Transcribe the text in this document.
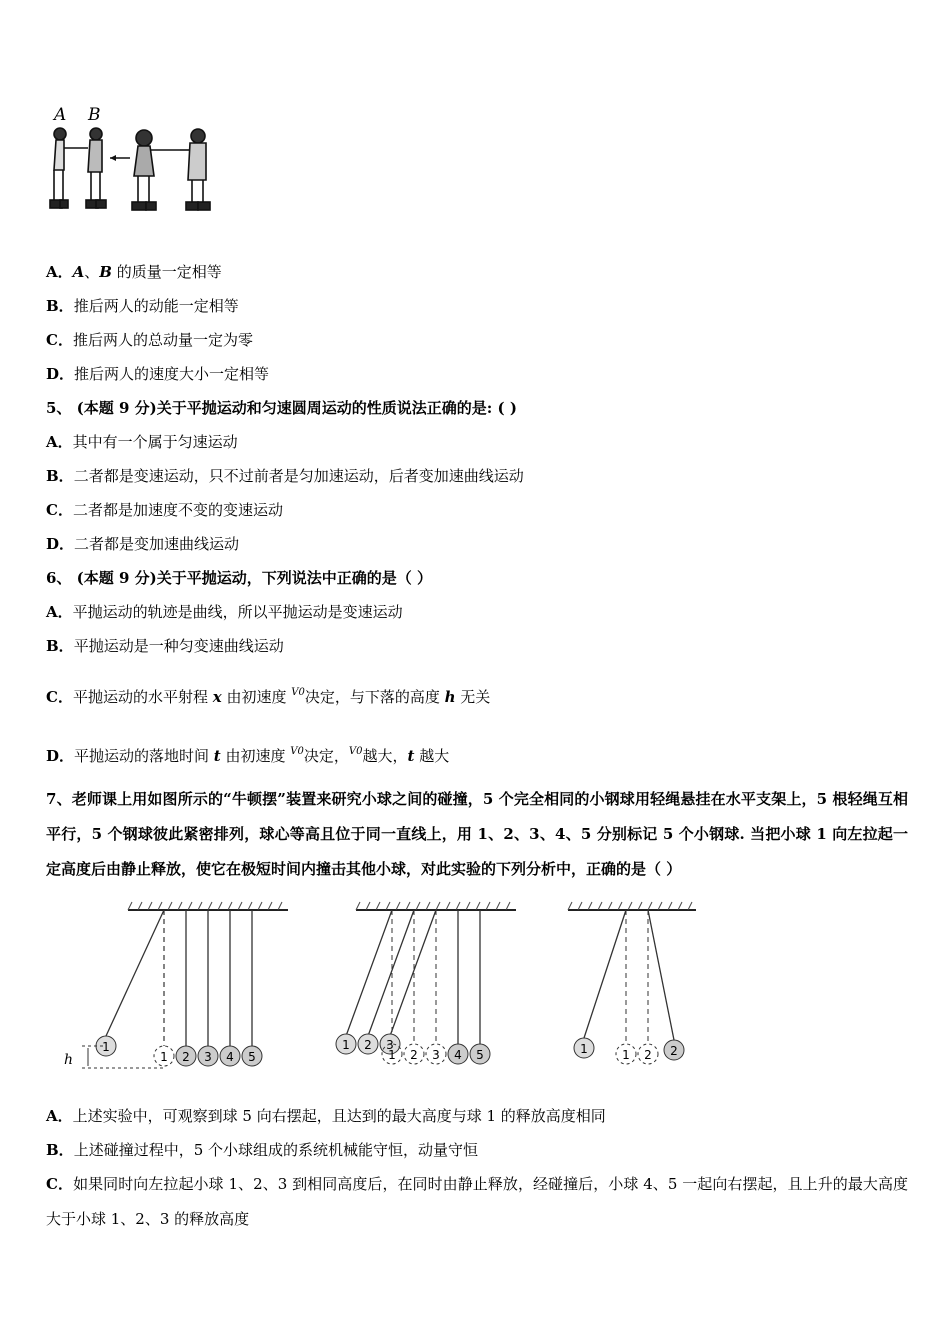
A B
A．A、B 的质量一定相等
B．推后两人的动能一定相等
C．推后两人的总动量一定为零
D．推后两人的速度大小一定相等
5、 (本题 9 分)关于平抛运动和匀速圆周运动的性质说法正确的是: ( )
A．其中有一个属于匀速运动
B．二者都是变速运动，只不过前者是匀加速运动，后者变加速曲线运动
C．二者都是加速度不变的变速运动
D．二者都是变加速曲线运动
6、 (本题 9 分)关于平抛运动，下列说法中正确的是（ ）
A．平抛运动的轨迹是曲线，所以平抛运动是变速运动
B．平抛运动是一种匀变速曲线运动
C．平抛运动的水平射程 x 由初速度 $^{V0}$决定，与下落的高度 h 无关
D．平抛运动的落地时间 t 由初速度 $^{V0}$决定，$^{V0}$越大，t 越大
7、老师课上用如图所示的“牛顿摆”装置来研究小球之间的碰撞，5 个完全相同的小钢球用轻绳悬挂在水平支架上，5 根轻绳互相平行，5 个钢球彼此紧密排列，球心等高且位于同一直线上，用 1、2、3、4、5 分别标记 5 个小钢球. 当把小球 1 向左拉起一定高度后由静止释放，使它在极短时间内撞击其他小球，对此实验的下列分析中，正确的是（ ）
1
1 2 3 4 5
h
1 2 3
1 2 3 4 5	1	1 2 2
A．上述实验中，可观察到球 5 向右摆起，且达到的最大高度与球 1 的释放高度相同
B．上述碰撞过程中，5 个小球组成的系统机械能守恒，动量守恒
C．如果同时向左拉起小球 1、2、3 到相同高度后，在同时由静止释放，经碰撞后，小球 4、5 一起向右摆起，且上升的最大高度大于小球 1、2、3 的释放高度
